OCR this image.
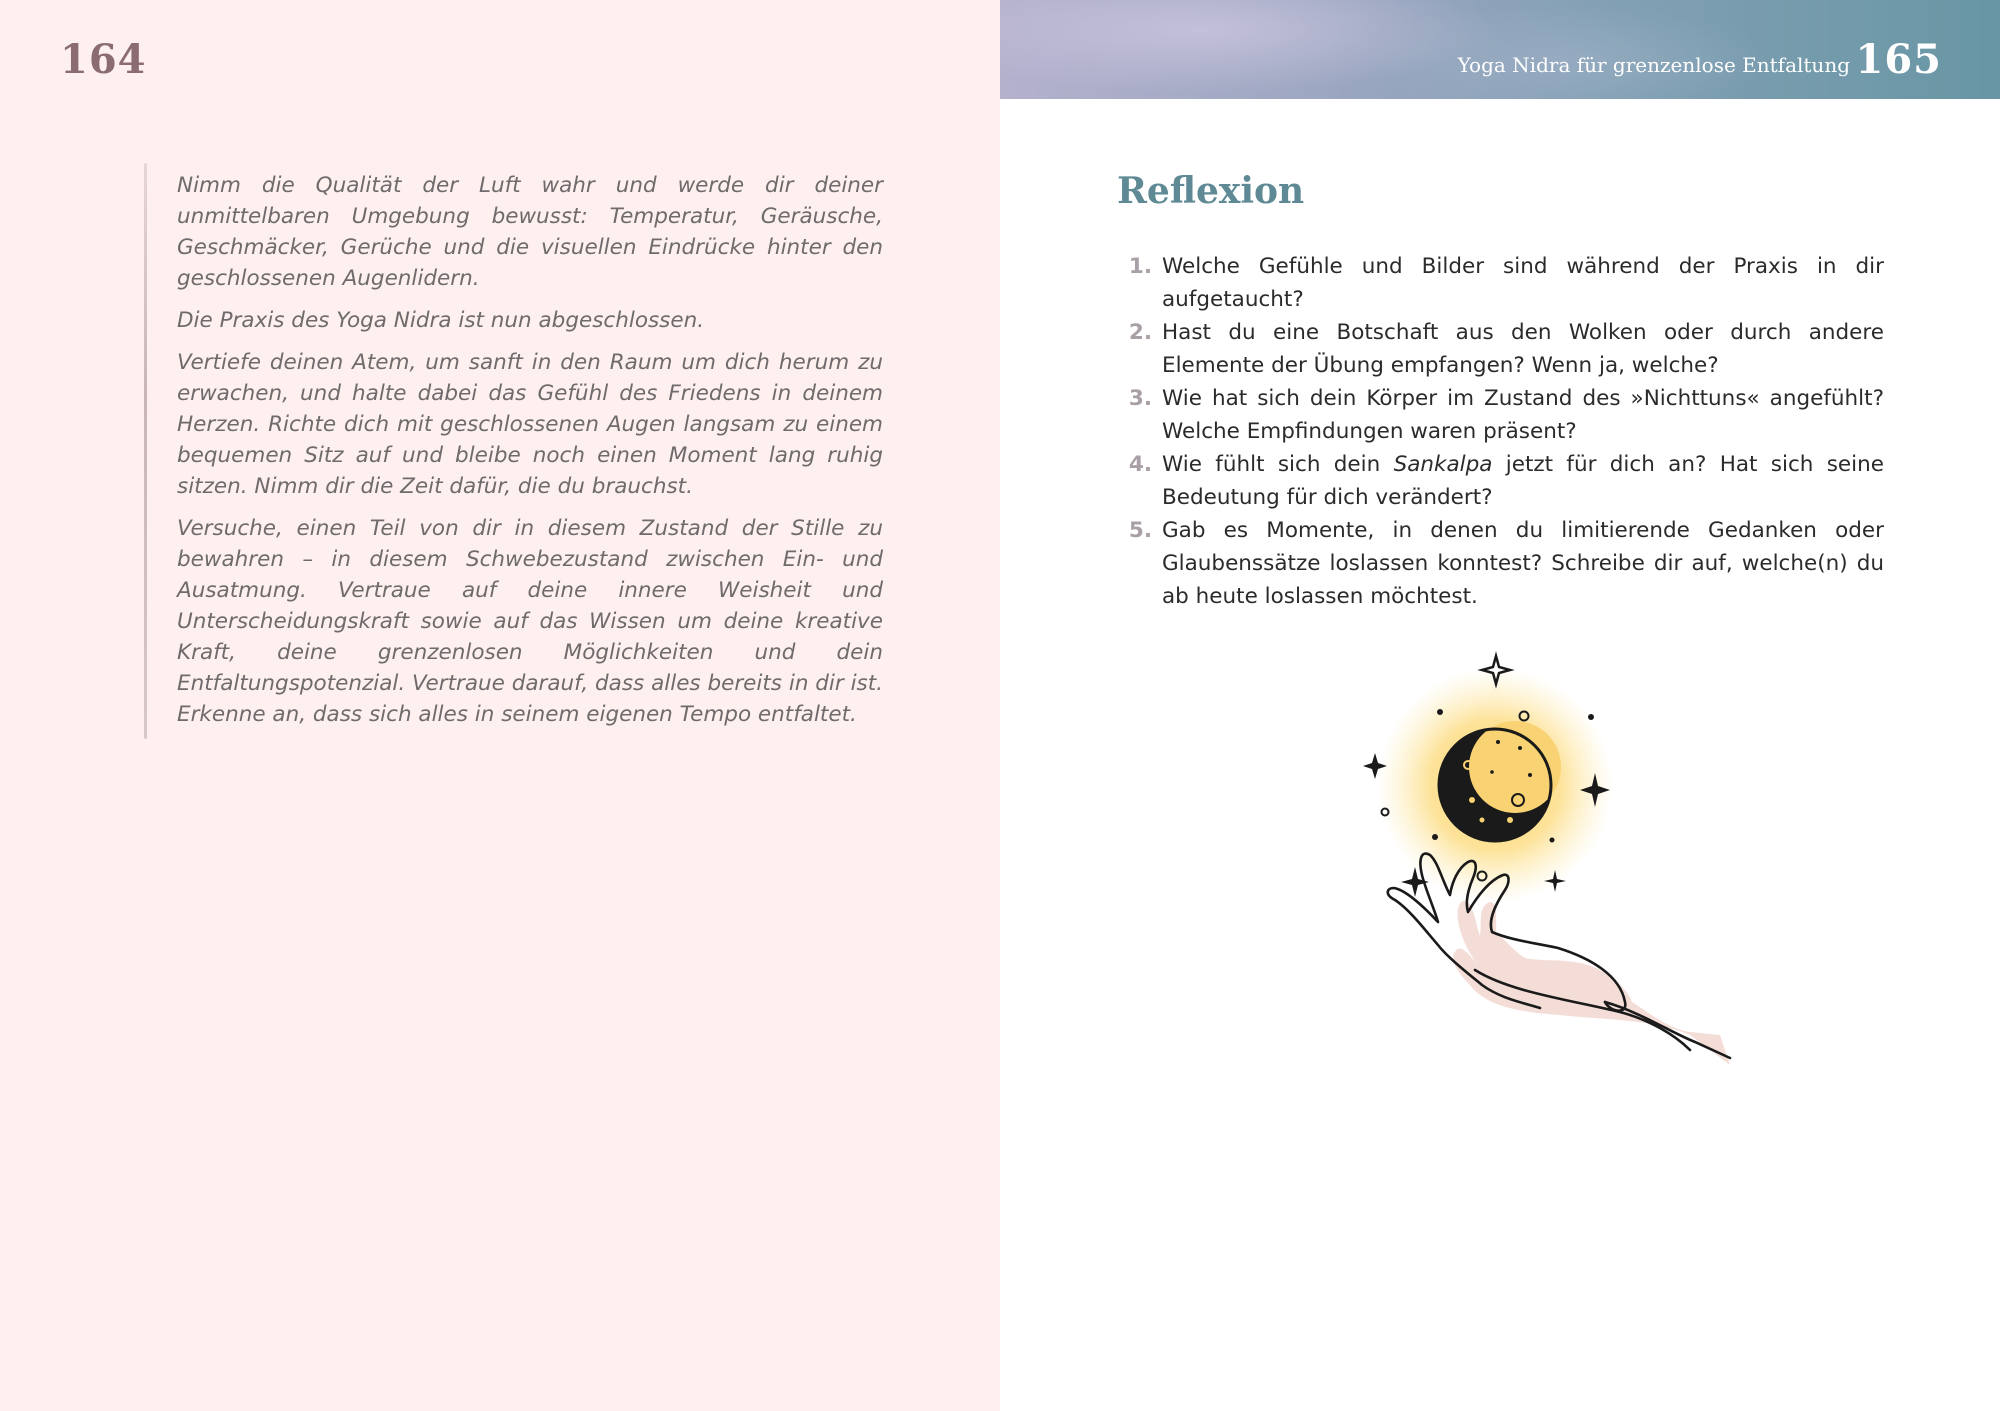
164

Nimm die Qualität der Luft wahr und werde dir deiner unmittelbaren Umgebung bewusst: Temperatur, Geräusche, Geschmäcker, Gerüche und die visuellen Eindrücke hinter den geschlossenen Augenlidern.

Die Praxis des Yoga Nidra ist nun abgeschlossen.

Vertiefe deinen Atem, um sanft in den Raum um dich herum zu erwachen, und halte dabei das Gefühl des Friedens in deinem Herzen. Richte dich mit geschlossenen Augen langsam zu einem bequemen Sitz auf und bleibe noch einen Moment lang ruhig sitzen. Nimm dir die Zeit dafür, die du brauchst.

Versuche, einen Teil von dir in diesem Zustand der Stille zu bewahren – in diesem Schwebezustand zwischen Ein- und Ausatmung. Vertraue auf deine innere Weisheit und Unterscheidungskraft sowie auf das Wissen um deine kreative Kraft, deine grenzenlosen Möglichkeiten und dein Entfaltungspotenzial. Vertraue darauf, dass alles bereits in dir ist. Erkenne an, dass sich alles in seinem eigenen Tempo entfaltet.

Yoga Nidra für grenzenlose Entfaltung 165
Reflexion
1. Welche Gefühle und Bilder sind während der Praxis in dir aufgetaucht?
2. Hast du eine Botschaft aus den Wolken oder durch andere Elemente der Übung empfangen? Wenn ja, welche?
3. Wie hat sich dein Körper im Zustand des »Nichttuns« angefühlt? Welche Empfindungen waren präsent?
4. Wie fühlt sich dein Sankalpa jetzt für dich an? Hat sich seine Bedeutung für dich verändert?
5. Gab es Momente, in denen du limitierende Gedanken oder Glaubenssätze loslassen konntest? Schreibe dir auf, welche(n) du ab heute loslassen möchtest.
